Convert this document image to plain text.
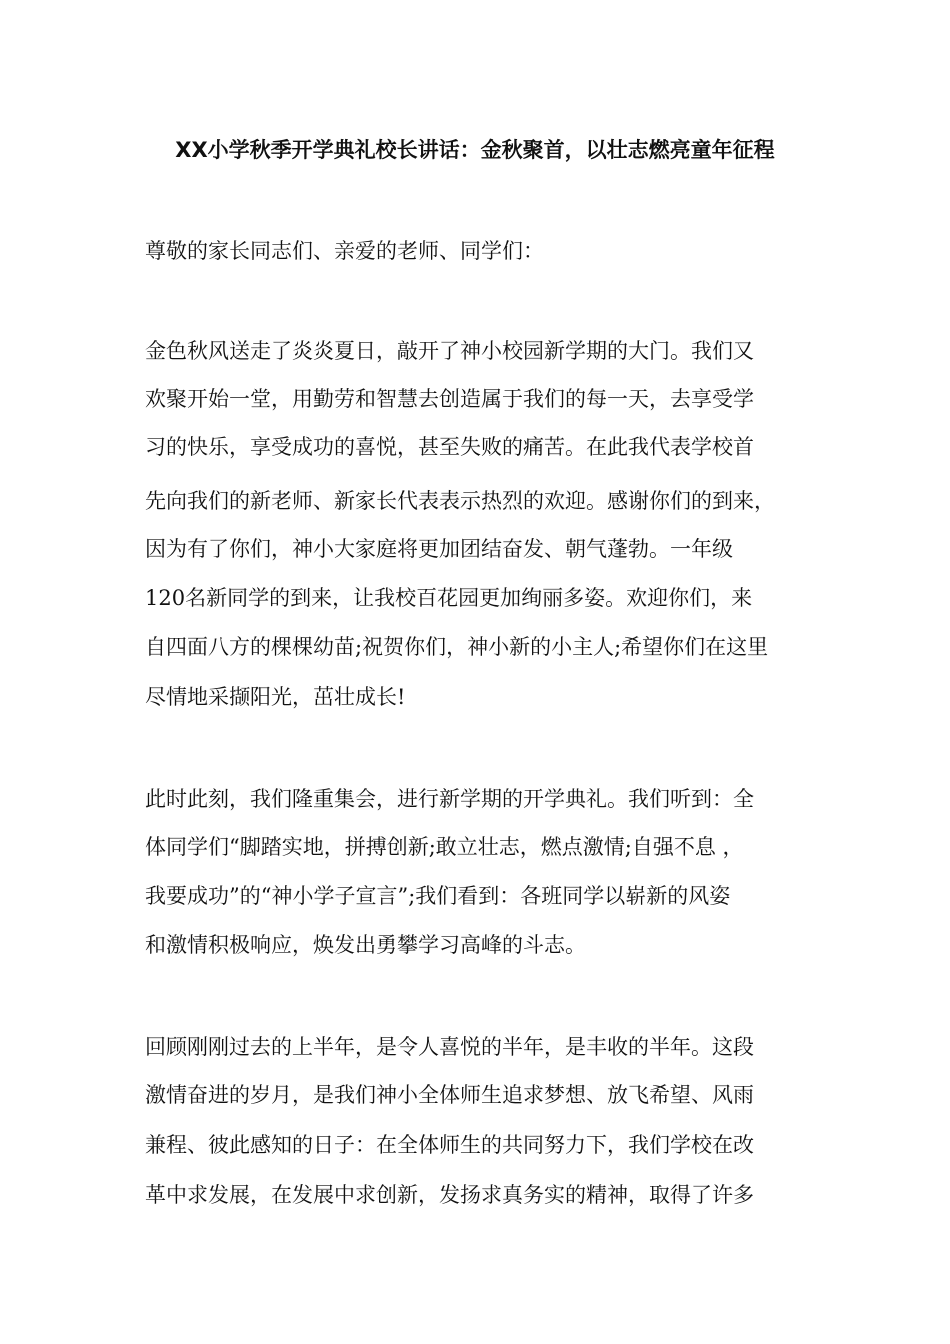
XX小学秋季开学典礼校长讲话：金秋聚首，以壮志燃亮童年征程
尊敬的家长同志们、亲爱的老师、同学们：
金色秋风送走了炎炎夏日，敲开了神小校园新学期的大门。我们又
欢聚开始一堂，用勤劳和智慧去创造属于我们的每一天，去享受学
习的快乐，享受成功的喜悦，甚至失败的痛苦。在此我代表学校首
先向我们的新老师、新家长代表表示热烈的欢迎。感谢你们的到来，
因为有了你们，神小大家庭将更加团结奋发、朝气蓬勃。一年级
120名新同学的到来，让我校百花园更加绚丽多姿。欢迎你们，来
自四面八方的棵棵幼苗;祝贺你们，神小新的小主人;希望你们在这里
尽情地采撷阳光，茁壮成长!
此时此刻，我们隆重集会，进行新学期的开学典礼。我们听到：全
体同学们“脚踏实地，拼搏创新;敢立壮志，燃点激情;自强不息 ，
我要成功”的“神小学子宣言”;我们看到：各班同学以崭新的风姿
和激情积极响应，焕发出勇攀学习高峰的斗志。
回顾刚刚过去的上半年，是令人喜悦的半年，是丰收的半年。这段
激情奋进的岁月，是我们神小全体师生追求梦想、放飞希望、风雨
兼程、彼此感知的日子：在全体师生的共同努力下，我们学校在改
革中求发展，在发展中求创新，发扬求真务实的精神，取得了许多
